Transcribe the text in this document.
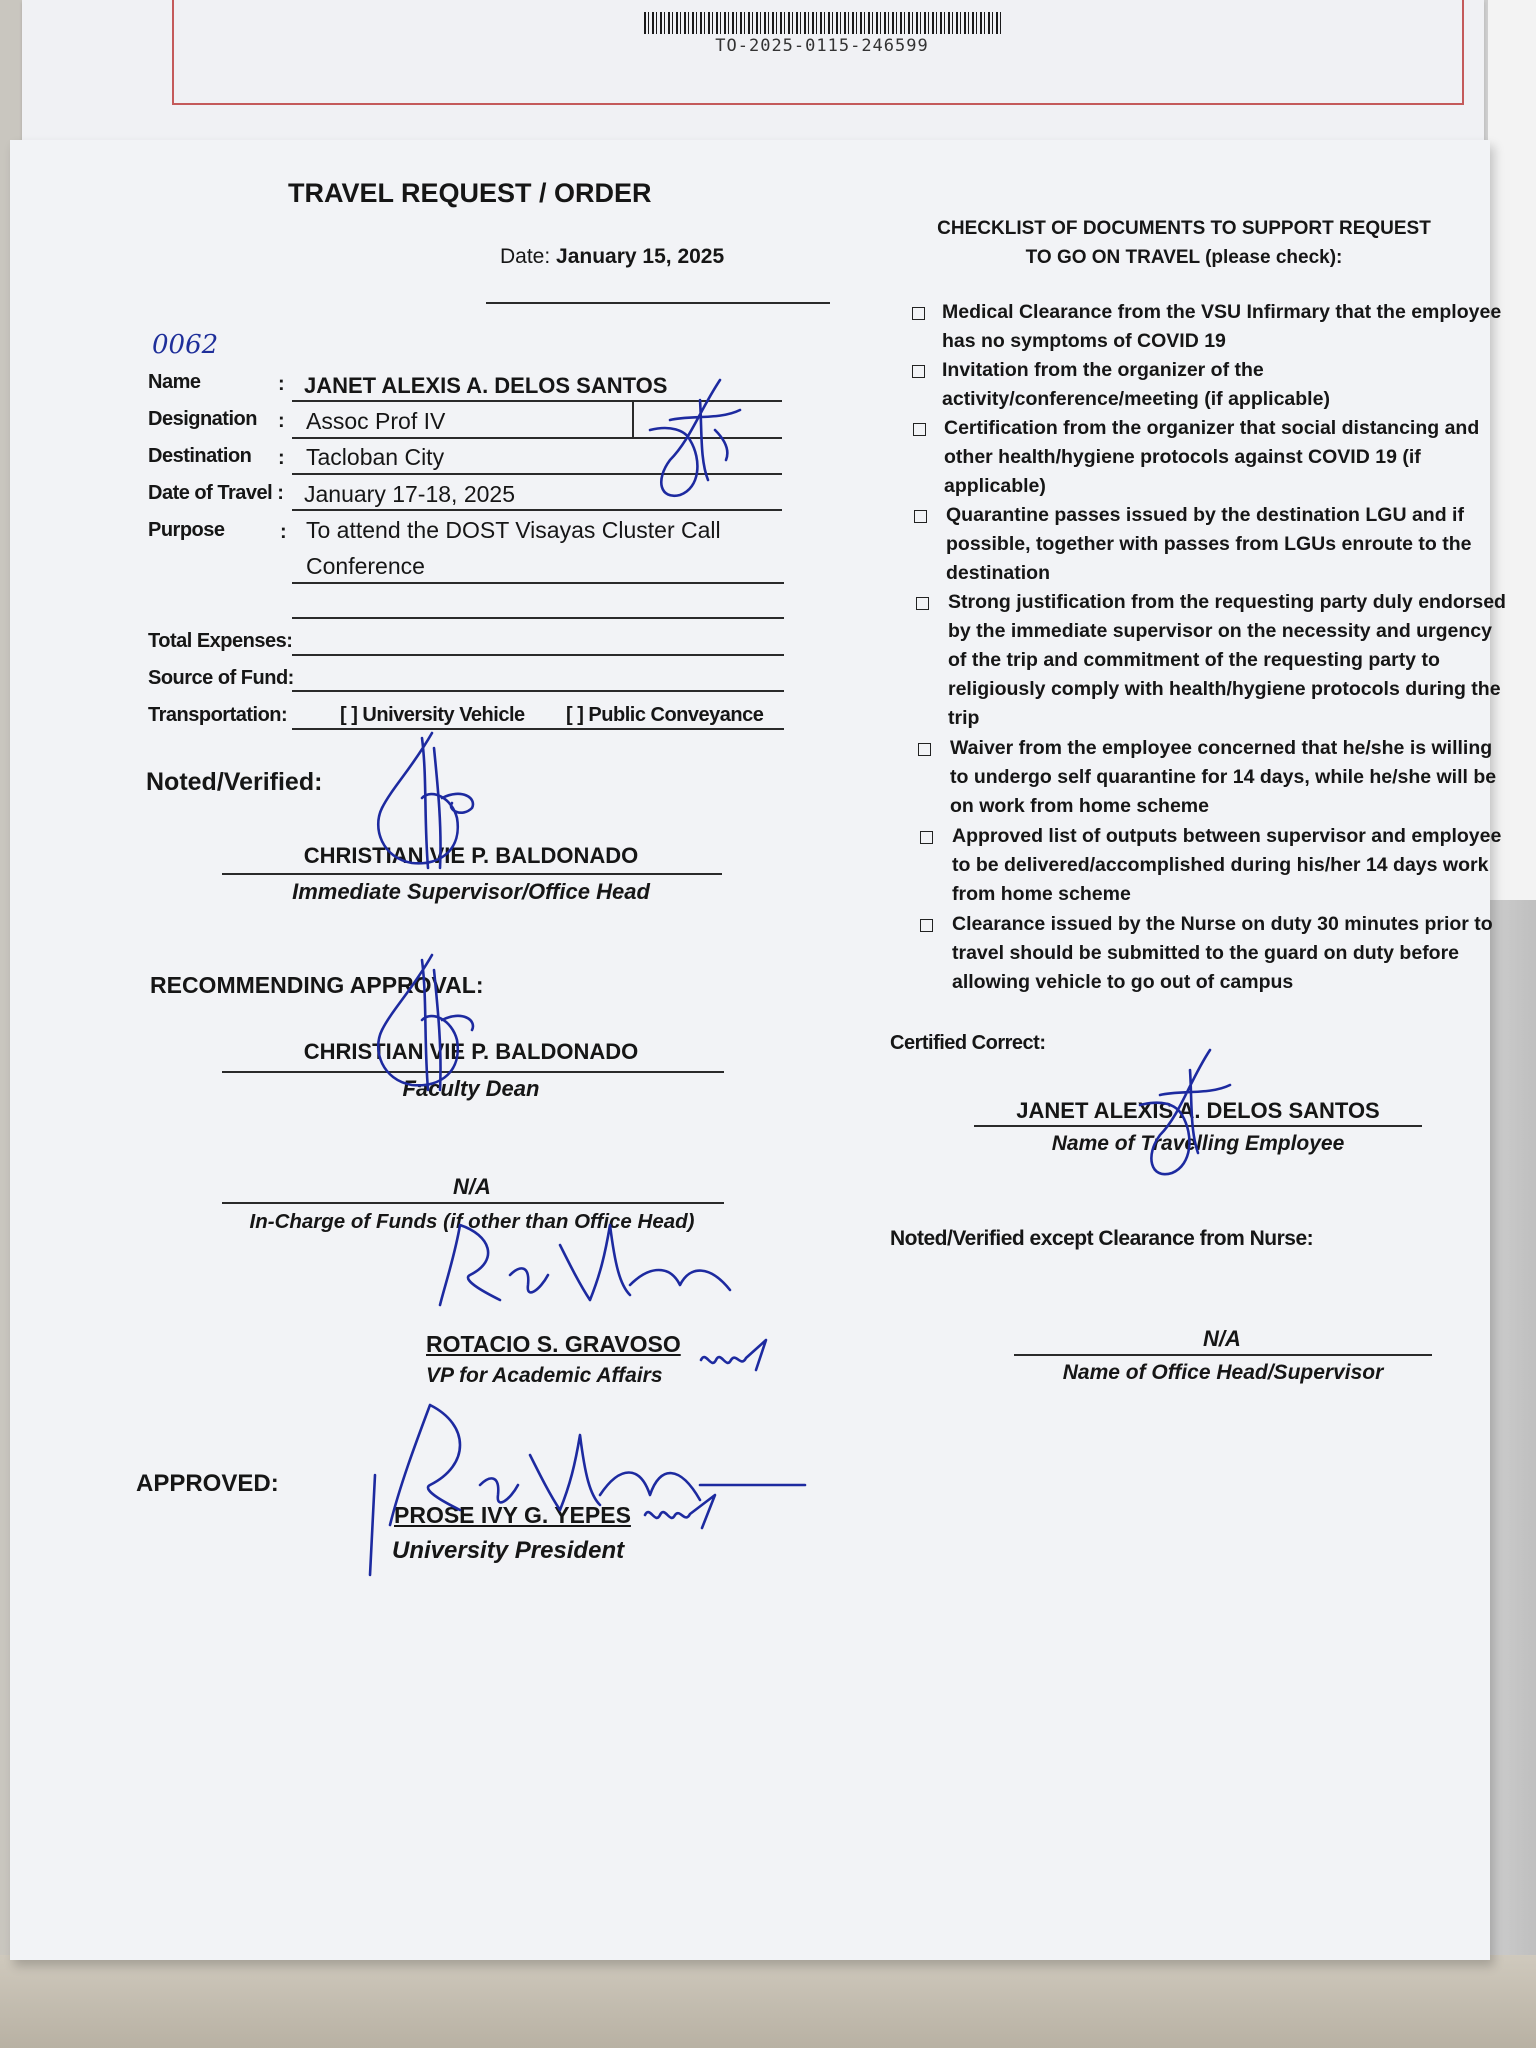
TO-2025-0115-246599
TRAVEL REQUEST / ORDER
Date: January 15, 2025
0062
Name	: JANET ALEXIS A. DELOS SANTOS
Designation : Assoc Prof IV
Destination : Tacloban City
Date of Travel : January 17-18, 2025
Purpose	: To attend the DOST Visayas Cluster Call
Conference
Total Expenses:
Source of Fund:
Transportation:	[ ] University Vehicle [ ] Public Conveyance
Noted/Verified:
CHRISTIAN VIE P. BALDONADO
Immediate Supervisor/Office Head
RECOMMENDING APPROVAL:
CHRISTIAN VIE P. BALDONADO
Faculty Dean
N/A
In-Charge of Funds (if other than Office Head)
ROTACIO S. GRAVOSO
VP for Academic Affairs
APPROVED:
PROSE IVY G. YEPES
University President
CHECKLIST OF DOCUMENTS TO SUPPORT REQUEST
TO GO ON TRAVEL (please check):
Medical Clearance from the VSU Infirmary that the employee has no symptoms of COVID 19
Invitation from the organizer of the activity/conference/meeting (if applicable)
Certification from the organizer that social distancing and other health/hygiene protocols against COVID 19 (if applicable)
Quarantine passes issued by the destination LGU and if possible, together with passes from LGUs enroute to the destination
Strong justification from the requesting party duly endorsed by the immediate supervisor on the necessity and urgency of the trip and commitment of the requesting party to religiously comply with health/hygiene protocols during the trip
Waiver from the employee concerned that he/she is willing to undergo self quarantine for 14 days, while he/she will be on work from home scheme
Approved list of outputs between supervisor and employee to be delivered/accomplished during his/her 14 days work from home scheme
Clearance issued by the Nurse on duty 30 minutes prior to travel should be submitted to the guard on duty before allowing vehicle to go out of campus
Certified Correct:
JANET ALEXIS A. DELOS SANTOS
Name of Travelling Employee
Noted/Verified except Clearance from Nurse:
N/A
Name of Office Head/Supervisor
